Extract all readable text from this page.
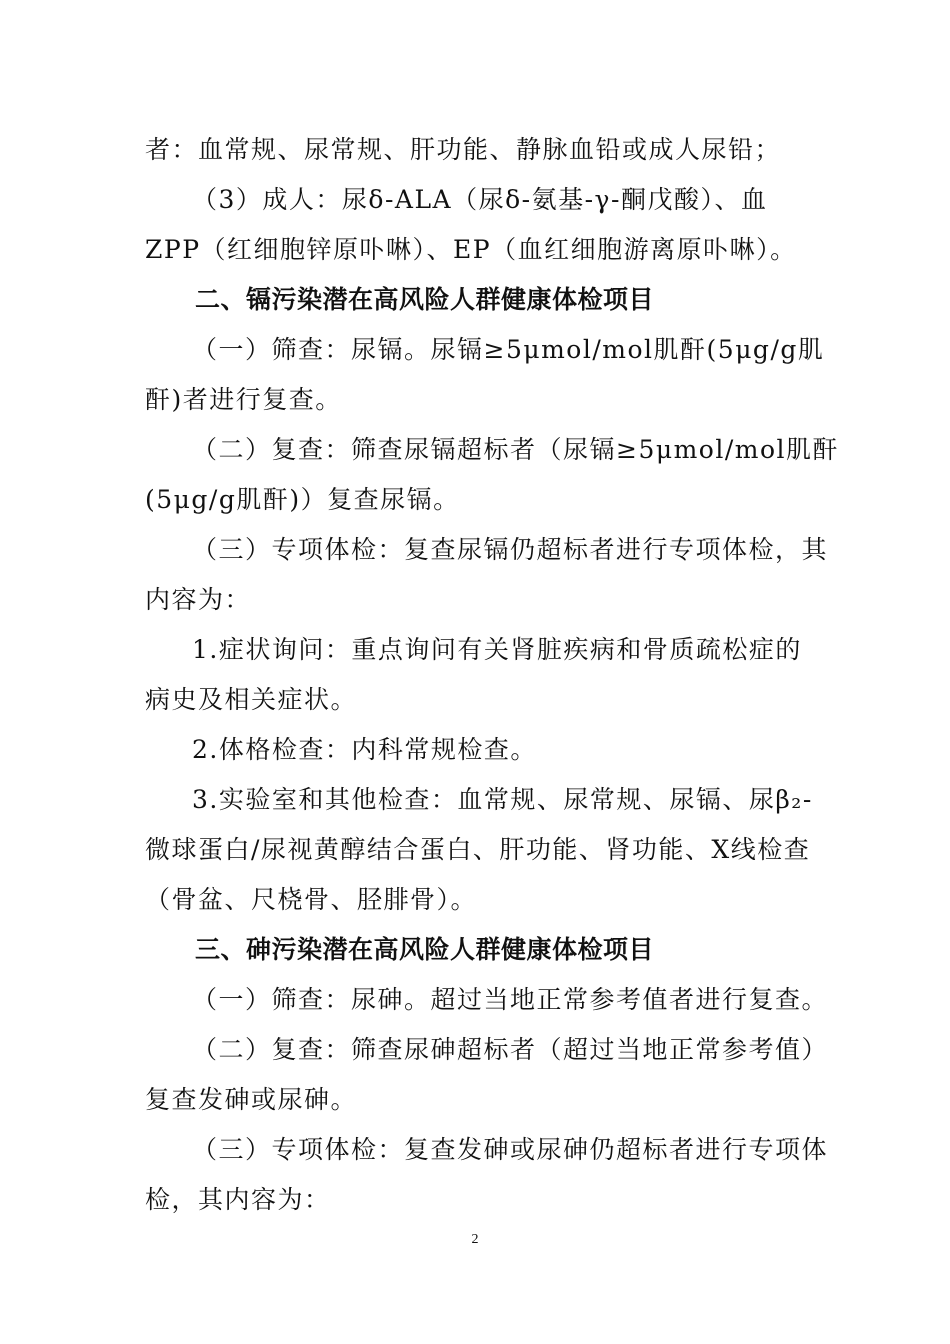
者：血常规、尿常规、肝功能、静脉血铅或成人尿铅；
（3）成人：尿δ-ALA（尿δ-氨基-γ-酮戊酸）、血
ZPP（红细胞锌原卟啉）、EP（血红细胞游离原卟啉）。
二、镉污染潜在高风险人群健康体检项目
（一）筛查：尿镉。尿镉≥5μmol/mol肌酐(5μg/g肌
酐)者进行复查。
（二）复查：筛查尿镉超标者（尿镉≥5μmol/mol肌酐
(5μg/g肌酐)）复查尿镉。
（三）专项体检：复查尿镉仍超标者进行专项体检，其
内容为：
1.症状询问：重点询问有关肾脏疾病和骨质疏松症的
病史及相关症状。
2.体格检查：内科常规检查。
3.实验室和其他检查：血常规、尿常规、尿镉、尿β₂-
微球蛋白/尿视黄醇结合蛋白、肝功能、肾功能、X线检查
（骨盆、尺桡骨、胫腓骨）。
三、砷污染潜在高风险人群健康体检项目
（一）筛查：尿砷。超过当地正常参考值者进行复查。
（二）复查：筛查尿砷超标者（超过当地正常参考值）
复查发砷或尿砷。
（三）专项体检：复查发砷或尿砷仍超标者进行专项体
检，其内容为：
2
